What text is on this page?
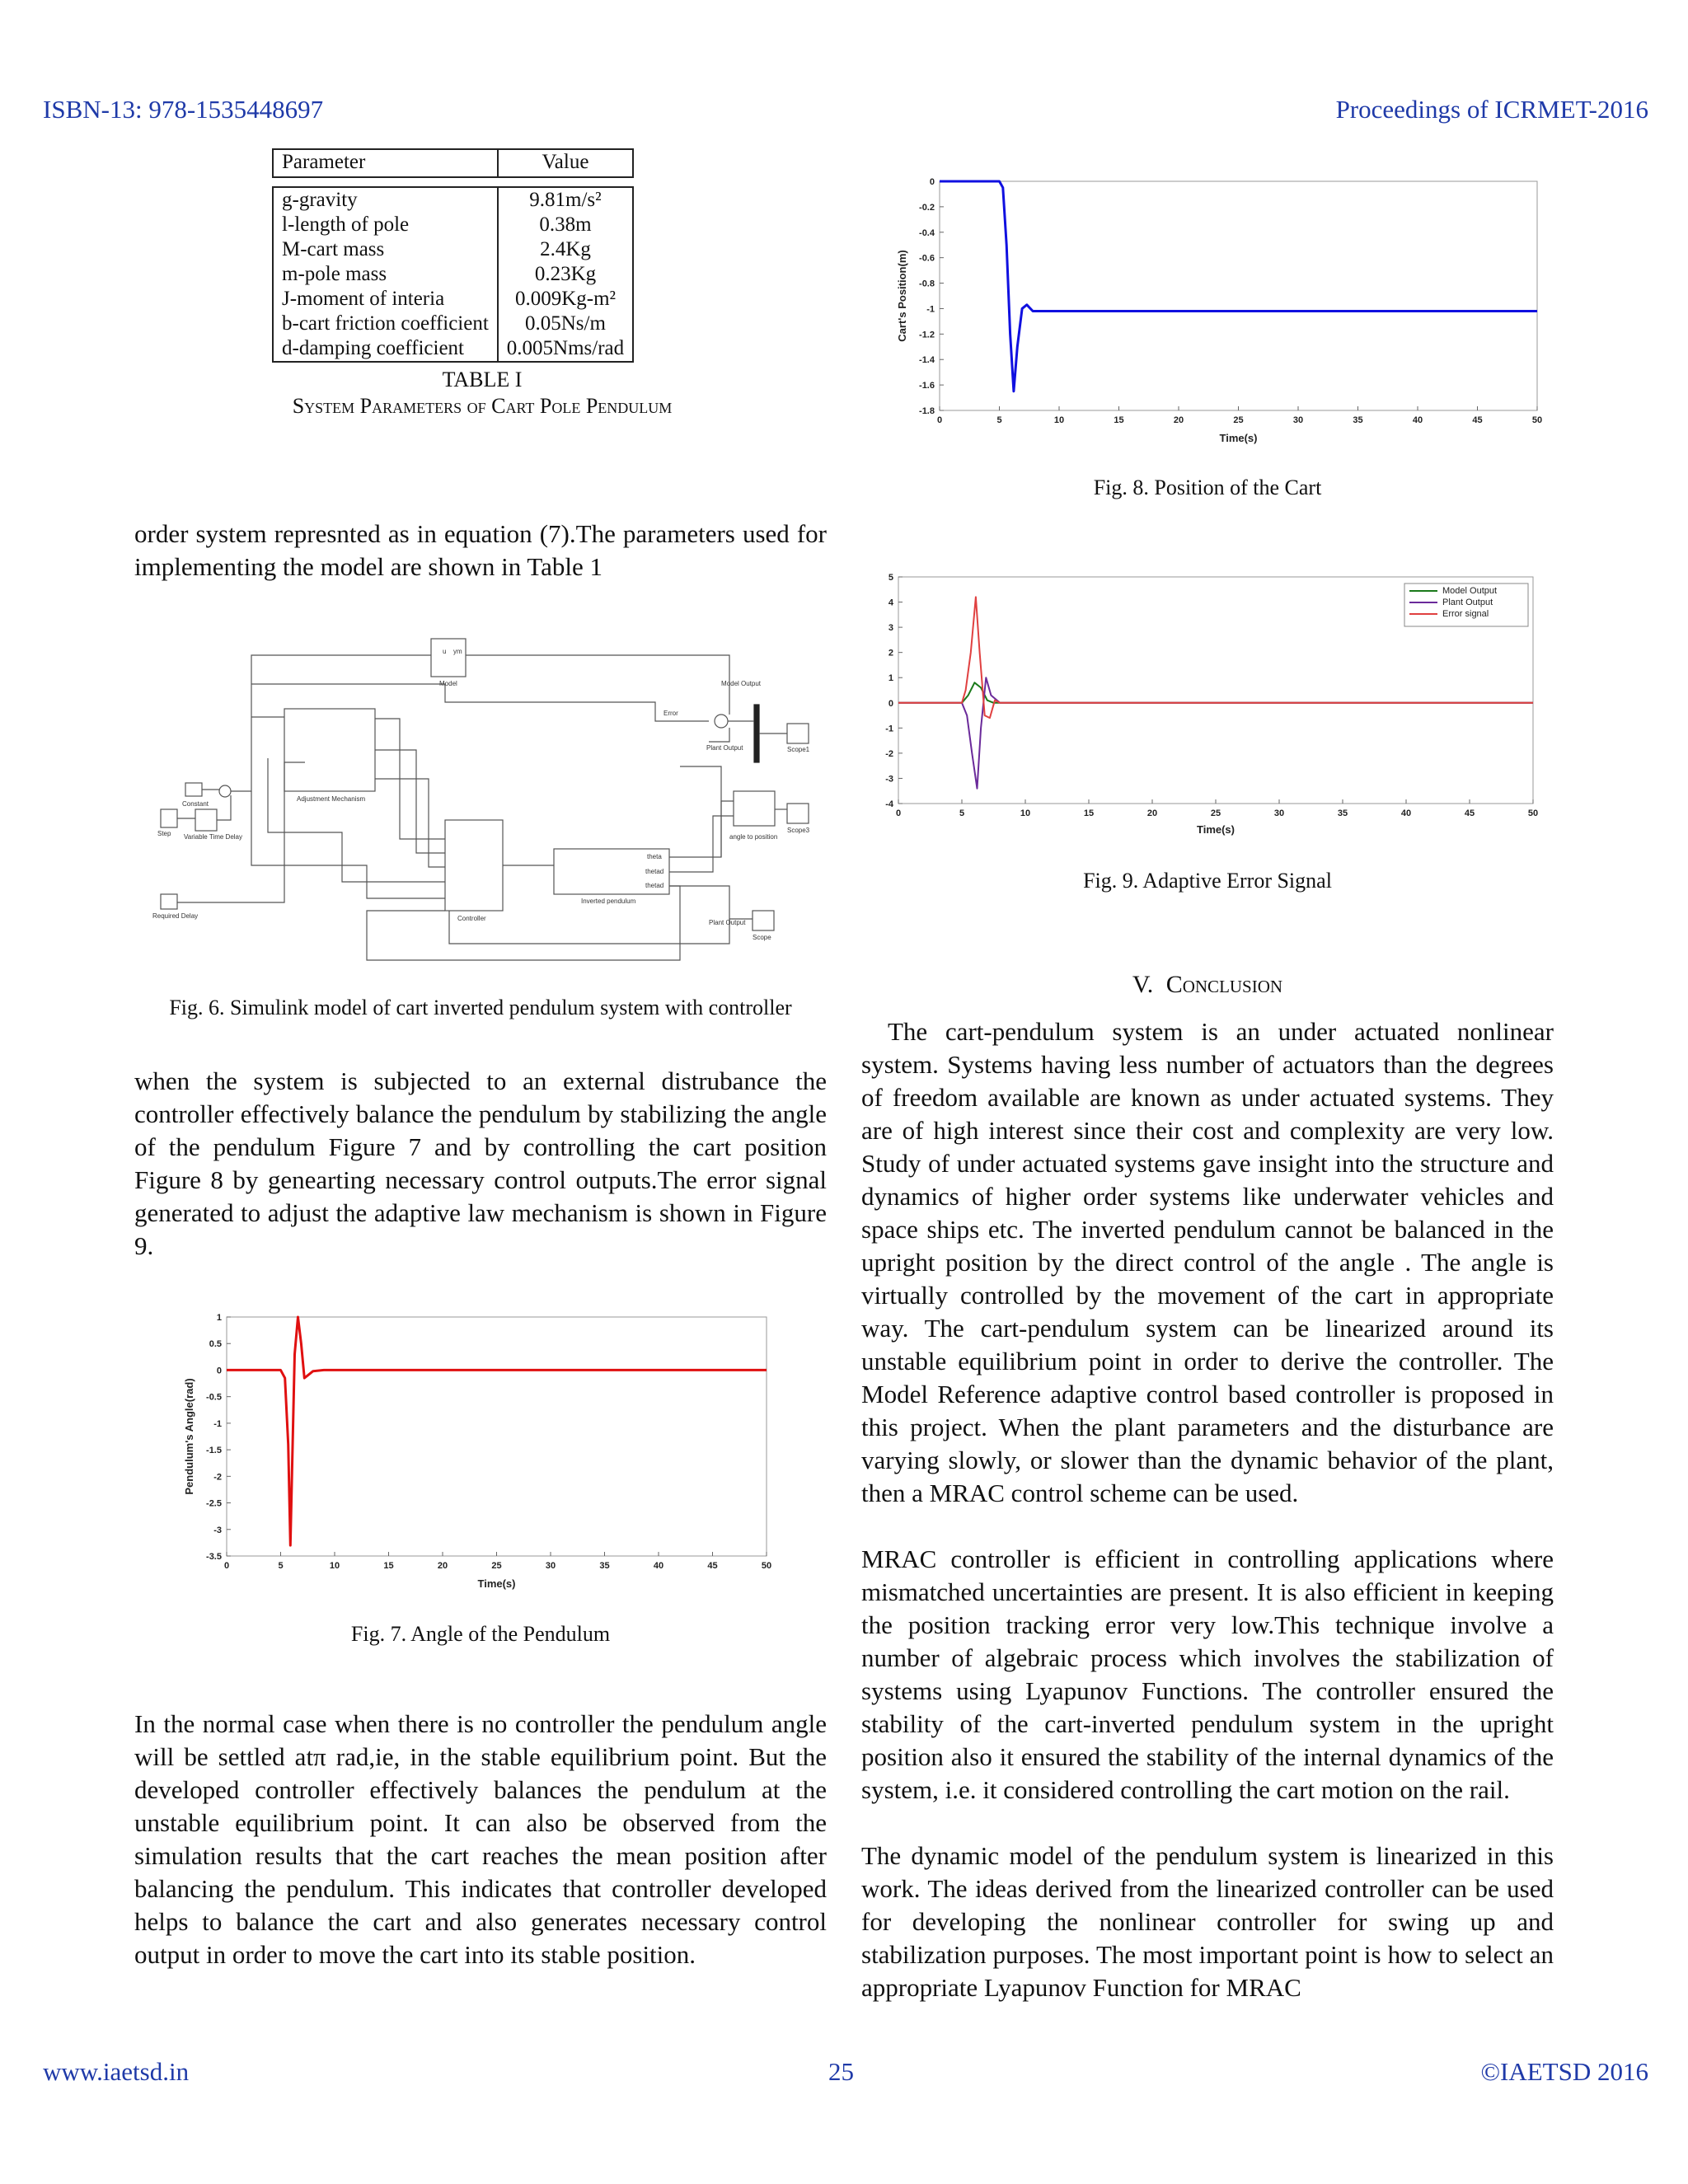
ISBN-13: 978-1535448697	Proceedings of ICRMET-2016
Parameter	Value

g-gravity	9.81m/s²
l-length of pole	0.38m
M-cart mass	2.4Kg
m-pole mass	0.23Kg
J-moment of interia	0.009Kg-m²
b-cart friction coefficient	0.05Ns/m
d-damping coefficient	0.005Nms/rad
TABLE I
System Parameters of Cart Pole Pendulum
order system represnted as in equation (7).The parameters used for implementing the model are shown in Table 1
u ym
Model
Adjustment Mechanism
Controller
Inverted pendulum
theta
thetad
thetad
Constant
Step Variable Time Delay
Required Delay
Scope1
Scope3
Scope
Model Output
Plant Output
Plant Output
Error
angle to position
Fig. 6. Simulink model of cart inverted pendulum system with controller
when the system is subjected to an external distrubance the controller effectively balance the pendulum by stabilizing the angle of the pendulum Figure 7 and by controlling the cart position Figure 8 by genearting necessary control outputs.The error signal generated to adjust the adaptive law mechanism is shown in Figure 9.
0	5	10	15	20	25	30	35	40	45	50
1
0.5
0
-0.5
-1
-1.5
-2
-2.5
-3
-3.5
Time(s)
Pendulum's Angle(rad)
Fig. 7. Angle of the Pendulum
In the normal case when there is no controller the pendulum angle will be settled atπ rad,ie, in the stable equilibrium point. But the developed controller effectively balances the pendulum at the unstable equilibrium point. It can also be observed from the simulation results that the cart reaches the mean position after balancing the pendulum. This indicates that controller developed helps to balance the cart and also generates necessary control output in order to move the cart into its stable position.
0	5	10	15	20	25	30	35	40	45	50
0
-0.2
-0.4
-0.6
-0.8
-1
-1.2
-1.4
-1.6
-1.8
Time(s)
Cart's Position(m)
Fig. 8. Position of the Cart
0	5	10	15	20	25	30	35	40	45	50
5
4
3
2
1
0
-1
-2
-3
-4
Time(s)
Model Output
Plant Output
Error signal
Fig. 9. Adaptive Error Signal
V. Conclusion
The cart-pendulum system is an under actuated nonlinear system. Systems having less number of actuators than the degrees of freedom available are known as under actuated systems. They are of high interest since their cost and complexity are very low. Study of under actuated systems gave insight into the structure and dynamics of higher order systems like underwater vehicles and space ships etc. The inverted pendulum cannot be balanced in the upright position by the direct control of the angle . The angle is virtually controlled by the movement of the cart in appropriate way. The cart-pendulum system can be linearized around its unstable equilibrium point in order to derive the controller. The Model Reference adaptive control based controller is proposed in this project. When the plant parameters and the disturbance are varying slowly, or slower than the dynamic behavior of the plant, then a MRAC control scheme can be used.
MRAC controller is efficient in controlling applications where mismatched uncertainties are present. It is also efficient in keeping the position tracking error very low.This technique involve a number of algebraic process which involves the stabilization of systems using Lyapunov Functions. The controller ensured the stability of the cart-inverted pendulum system in the upright position also it ensured the stability of the internal dynamics of the system, i.e. it considered controlling the cart motion on the rail.
The dynamic model of the pendulum system is linearized in this work. The ideas derived from the linearized controller can be used for developing the nonlinear controller for swing up and stabilization purposes. The most important point is how to select an appropriate Lyapunov Function for MRAC
www.iaetsd.in	25	©IAETSD 2016
